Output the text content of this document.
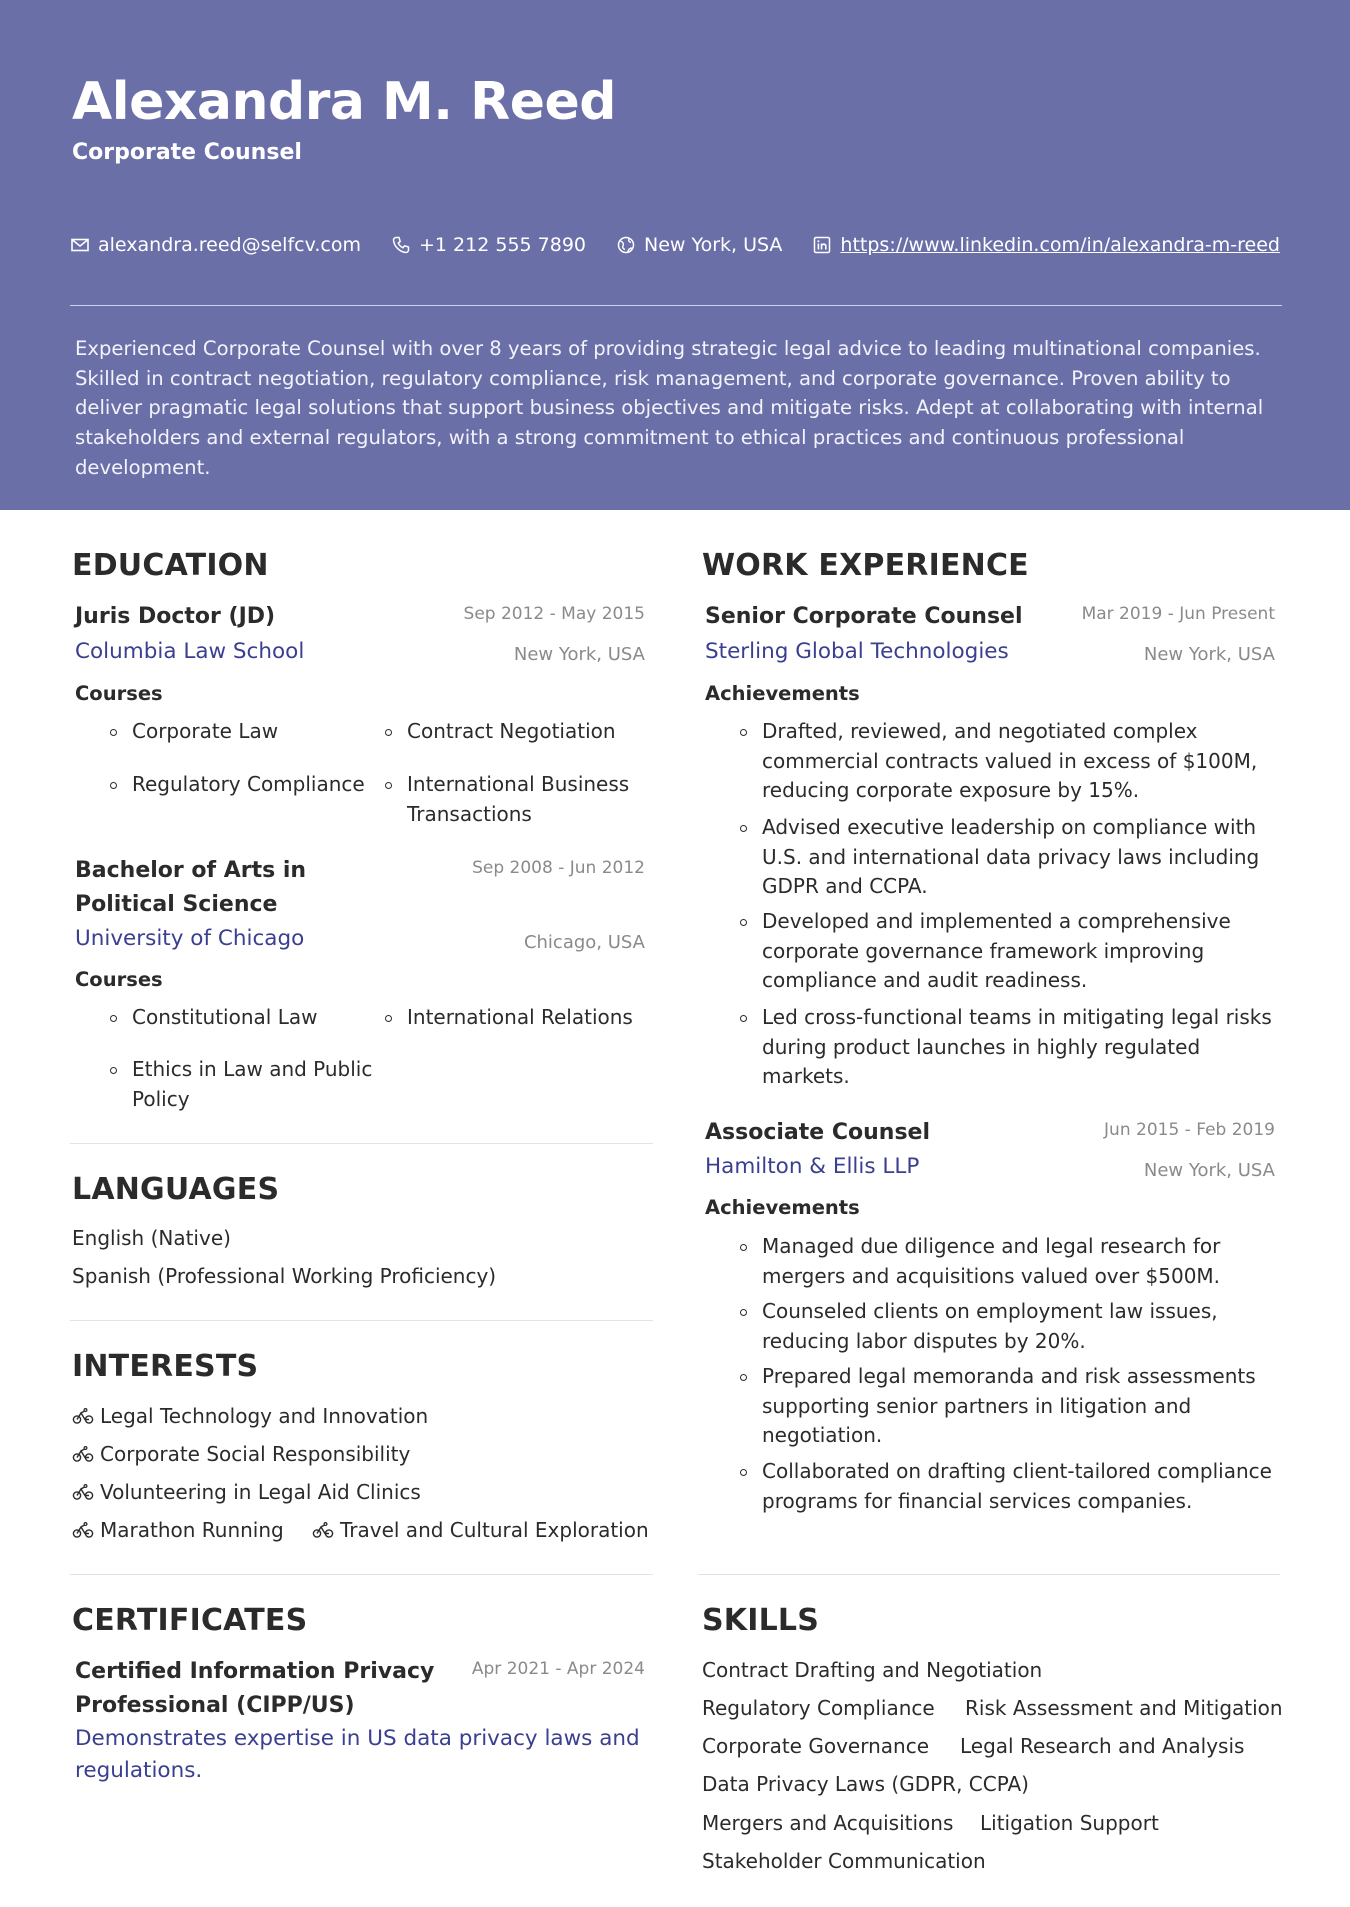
Alexandra M. Reed
Corporate Counsel
alexandra.reed@selfcv.com	+1 212 555 7890	New York, USA	https://www.linkedin.com/in/alexandra-m-reed
Experienced Corporate Counsel with over 8 years of providing strategic legal advice to leading multinational companies. Skilled in contract negotiation, regulatory compliance, risk management, and corporate governance. Proven ability to deliver pragmatic legal solutions that support business objectives and mitigate risks. Adept at collaborating with internal stakeholders and external regulators, with a strong commitment to ethical practices and continuous professional development.
EDUCATION
Juris Doctor (JD)	Sep 2012 - May 2015
Columbia Law School	New York, USA
Courses
Corporate Law	Contract Negotiation
Regulatory Compliance	International Business Transactions
Bachelor of Arts in Political Science
Sep 2008 - Jun 2012
University of Chicago	Chicago, USA
Courses
Constitutional Law	International Relations
Ethics in Law and Public Policy
LANGUAGES
English (Native)
Spanish (Professional Working Proficiency)
INTERESTS
Legal Technology and Innovation
Corporate Social Responsibility
Volunteering in Legal Aid Clinics
Marathon Running	Travel and Cultural Exploration
CERTIFICATES
Certified Information Privacy Professional (CIPP/US)
Apr 2021 - Apr 2024
Demonstrates expertise in US data privacy laws and regulations.
WORK EXPERIENCE
Senior Corporate Counsel	Mar 2019 - Jun Present
Sterling Global Technologies	New York, USA
Achievements
Drafted, reviewed, and negotiated complex commercial contracts valued in excess of $100M, reducing corporate exposure by 15%.
Advised executive leadership on compliance with U.S. and international data privacy laws including GDPR and CCPA.
Developed and implemented a comprehensive corporate governance framework improving compliance and audit readiness.
Led cross-functional teams in mitigating legal risks during product launches in highly regulated markets.
Associate Counsel	Jun 2015 - Feb 2019
Hamilton & Ellis LLP	New York, USA
Achievements
Managed due diligence and legal research for mergers and acquisitions valued over $500M.
Counseled clients on employment law issues, reducing labor disputes by 20%.
Prepared legal memoranda and risk assessments supporting senior partners in litigation and negotiation.
Collaborated on drafting client-tailored compliance programs for financial services companies.
SKILLS
Contract Drafting and Negotiation
Regulatory Compliance Risk Assessment and Mitigation
Corporate Governance Legal Research and Analysis
Data Privacy Laws (GDPR, CCPA)
Mergers and Acquisitions Litigation Support
Stakeholder Communication
